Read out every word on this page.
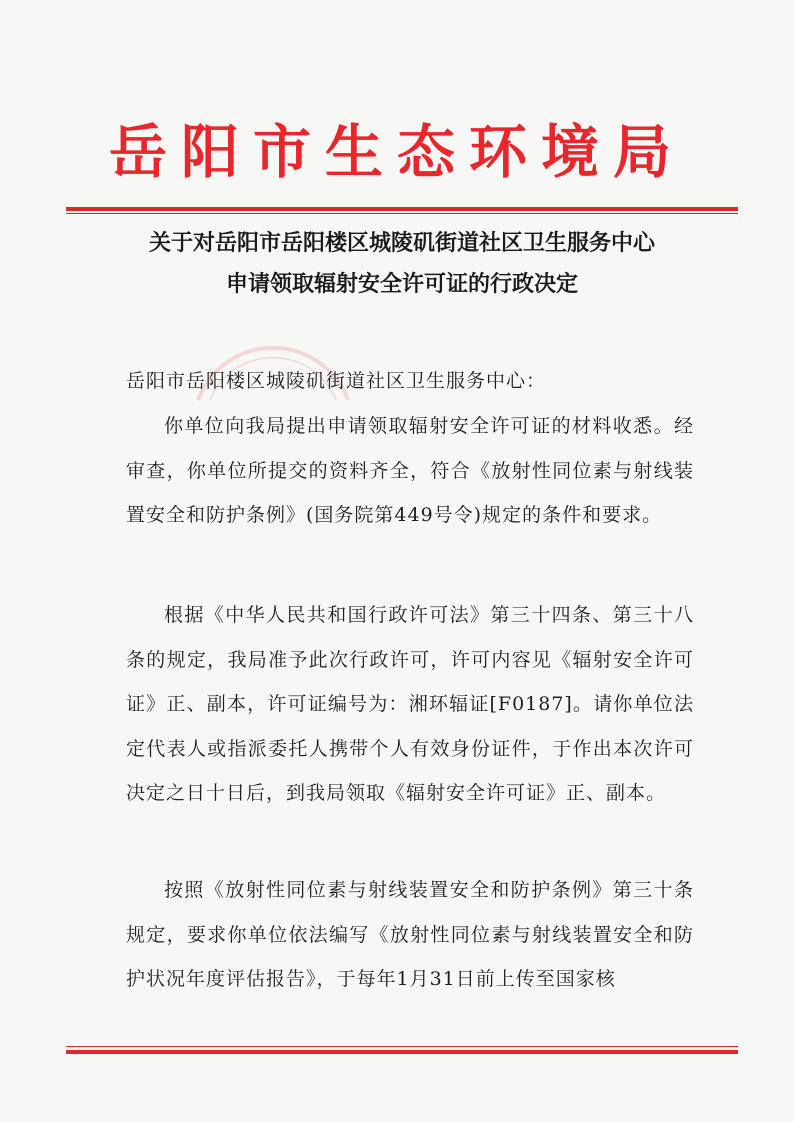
岳阳市生态环境局
关于对岳阳市岳阳楼区城陵矶街道社区卫生服务中心
申请领取辐射安全许可证的行政决定
岳阳市岳阳楼区城陵矶街道社区卫生服务中心：

你单位向我局提出申请领取辐射安全许可证的材料收悉。经审查，你单位所提交的资料齐全，符合《放射性同位素与射线装置安全和防护条例》(国务院第449号令)规定的条件和要求。

根据《中华人民共和国行政许可法》第三十四条、第三十八条的规定，我局准予此次行政许可，许可内容见《辐射安全许可证》正、副本，许可证编号为：湘环辐证[F0187]。请你单位法定代表人或指派委托人携带个人有效身份证件，于作出本次许可决定之日十日后，到我局领取《辐射安全许可证》正、副本。

按照《放射性同位素与射线装置安全和防护条例》第三十条规定，要求你单位依法编写《放射性同位素与射线装置安全和防护状况年度评估报告》，于每年1月31日前上传至国家核
